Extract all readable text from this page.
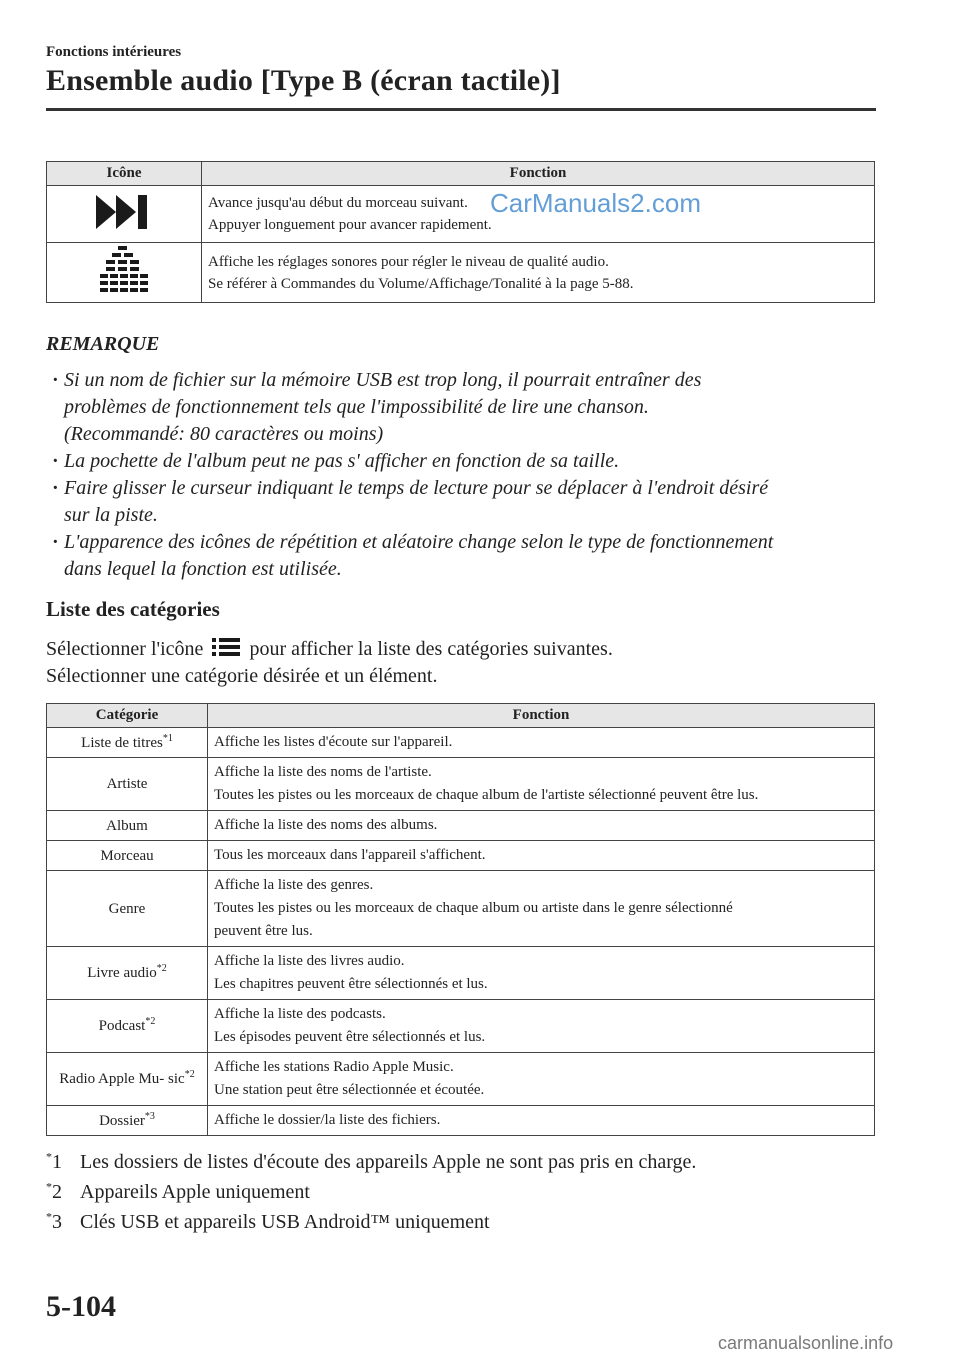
Fonctions intérieures
Ensemble audio [Type B (écran tactile)]
Icône	Fonction

Avance jusqu'au début du morceau suivant.
Appuyer longuement pour avancer rapidement.

Affiche les réglages sonores pour régler le niveau de qualité audio.
Se référer à Commandes du Volume/Affichage/Tonalité à la page 5-88.
CarManuals2.com
REMARQUE
· Si un nom de fichier sur la mémoire USB est trop long, il pourrait entraîner des
problèmes de fonctionnement tels que l'impossibilité de lire une chanson.
(Recommandé: 80 caractères ou moins)
· La pochette de l'album peut ne pas s' afficher en fonction de sa taille.
· Faire glisser le curseur indiquant le temps de lecture pour se déplacer à l'endroit désiré
sur la piste.
· L'apparence des icônes de répétition et aléatoire change selon le type de fonctionnement
dans lequel la fonction est utilisée.
Liste des catégories
Sélectionner l'icône pour afficher la liste des catégories suivantes.
Sélectionner une catégorie désirée et un élément.
Catégorie	Fonction
Liste de titres$^{*1}$	Affiche les listes d'écoute sur l'appareil.

Artiste	Affiche la liste des noms de l'artiste.
Toutes les pistes ou les morceaux de chaque album de l'artiste sélectionné peuvent être lus.

Album	Affiche la liste des noms des albums.

Morceau	Tous les morceaux dans l'appareil s'affichent.

Genre	Affiche la liste des genres.
Toutes les pistes ou les morceaux de chaque album ou artiste dans le genre sélectionné
peuvent être lus.

Livre audio$^{*2}$	Affiche la liste des livres audio.
Les chapitres peuvent être sélectionnés et lus.

Podcast$^{*2}$	Affiche la liste des podcasts.
Les épisodes peuvent être sélectionnés et lus.

Radio Apple Mu- sic$^{*2}$	Affiche les stations Radio Apple Music.
Une station peut être sélectionnée et écoutée.

Dossier$^{*3}$	Affiche le dossier/la liste des fichiers.
*1 Les dossiers de listes d'écoute des appareils Apple ne sont pas pris en charge.
*2 Appareils Apple uniquement
*3 Clés USB et appareils USB Android™ uniquement
5-104
carmanualsonline.info
